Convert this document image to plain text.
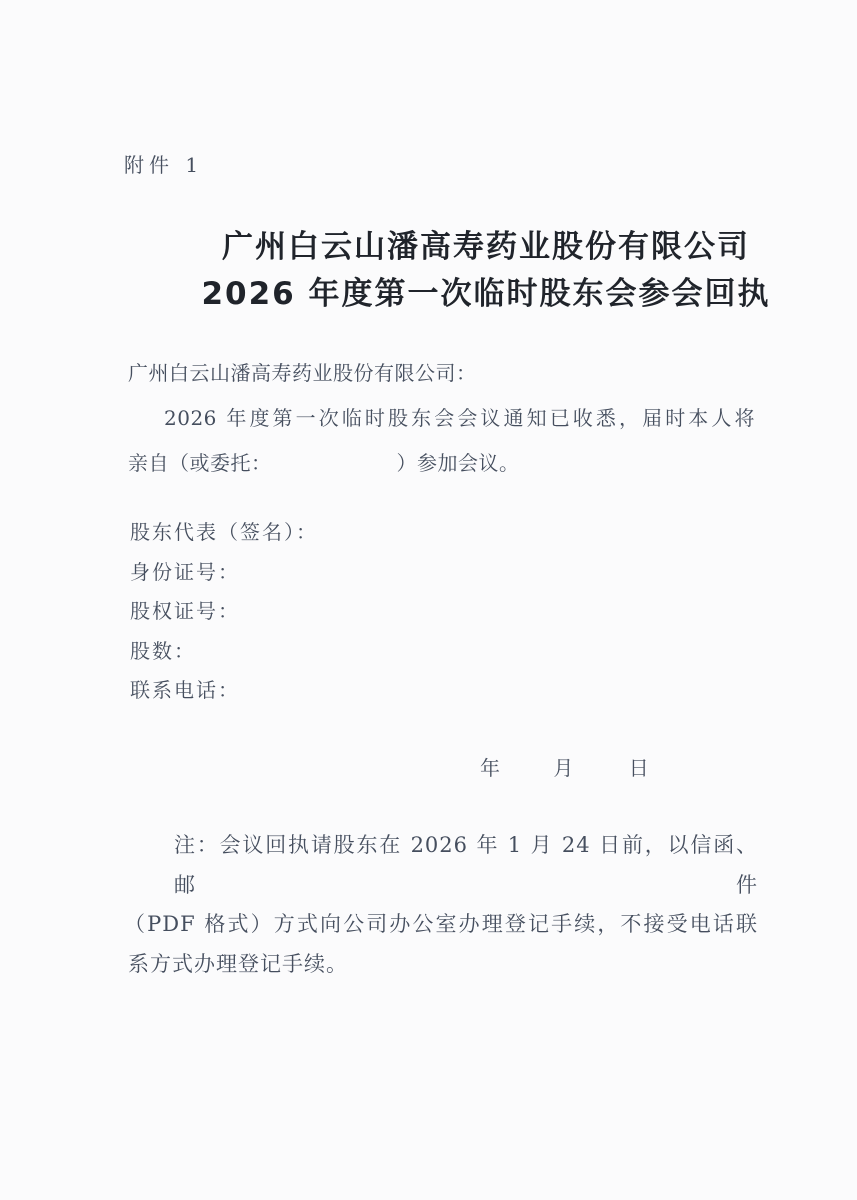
附件 1
广州白云山潘高寿药业股份有限公司
2026 年度第一次临时股东会参会回执
广州白云山潘高寿药业股份有限公司：
2026 年度第一次临时股东会会议通知已收悉，届时本人将
亲自（或委托：	）参加会议。
股东代表（签名）：
身份证号：
股权证号：
股数：
联系电话：
年	月	日
注：会议回执请股东在 2026 年 1 月 24 日前，以信函、邮件
（PDF 格式）方式向公司办公室办理登记手续，不接受电话联
系方式办理登记手续。
